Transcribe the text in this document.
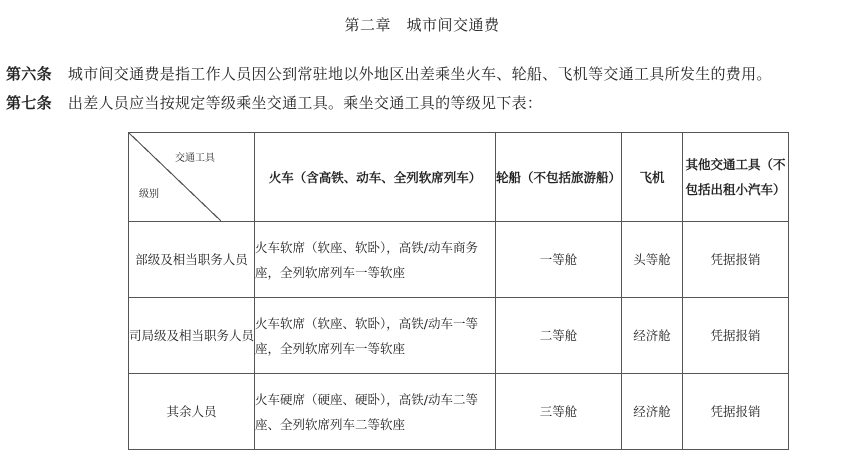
第二章　城市间交通费
第六条 城市间交通费是指工作人员因公到常驻地以外地区出差乘坐火车、轮船、飞机等交通工具所发生的费用。
第七条 出差人员应当按规定等级乘坐交通工具。乘坐交通工具的等级见下表：
交通工具
级别	火车（含高铁、动车、全列软席列车）	轮船（不包括旅游船）	飞机	其他交通工具（不包括出租小汽车）
部级及相当职务人员	火车软席（软座、软卧），高铁/动车商务座，全列软席列车一等软座	一等舱	头等舱	凭据报销
司局级及相当职务人员	火车软席（软座、软卧），高铁/动车一等座，全列软席列车一等软座	二等舱	经济舱	凭据报销
其余人员	火车硬席（硬座、硬卧），高铁/动车二等座、全列软席列车二等软座	三等舱	经济舱	凭据报销
